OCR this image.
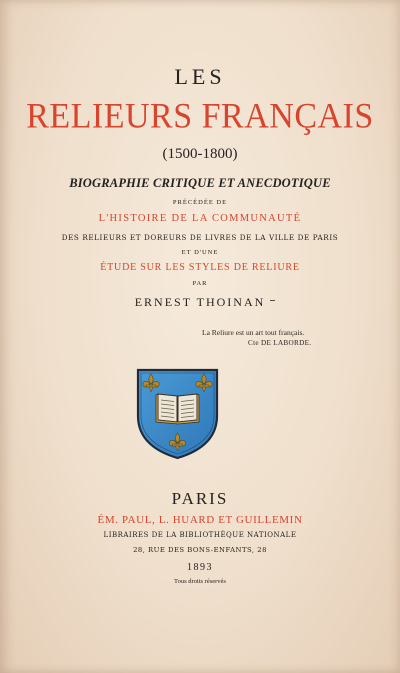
LES
RELIEURS FRANÇAIS
(1500-1800)
BIOGRAPHIE CRITIQUE ET ANECDOTIQUE
PRÉCÉDÉE DE
L'HISTOIRE DE LA COMMUNAUTÉ
DES RELIEURS ET DOREURS DE LIVRES DE LA VILLE DE PARIS
ET D'UNE
ÉTUDE SUR LES STYLES DE RELIURE
PAR
ERNEST THOINAN
La Reliure est un art tout français.
Cte DE LABORDE.
PARIS
ÉM. PAUL, L. HUARD ET GUILLEMIN
LIBRAIRES DE LA BIBLIOTHÈQUE NATIONALE
28, RUE DES BONS-ENFANTS, 28
1893
Tous droits réservés
